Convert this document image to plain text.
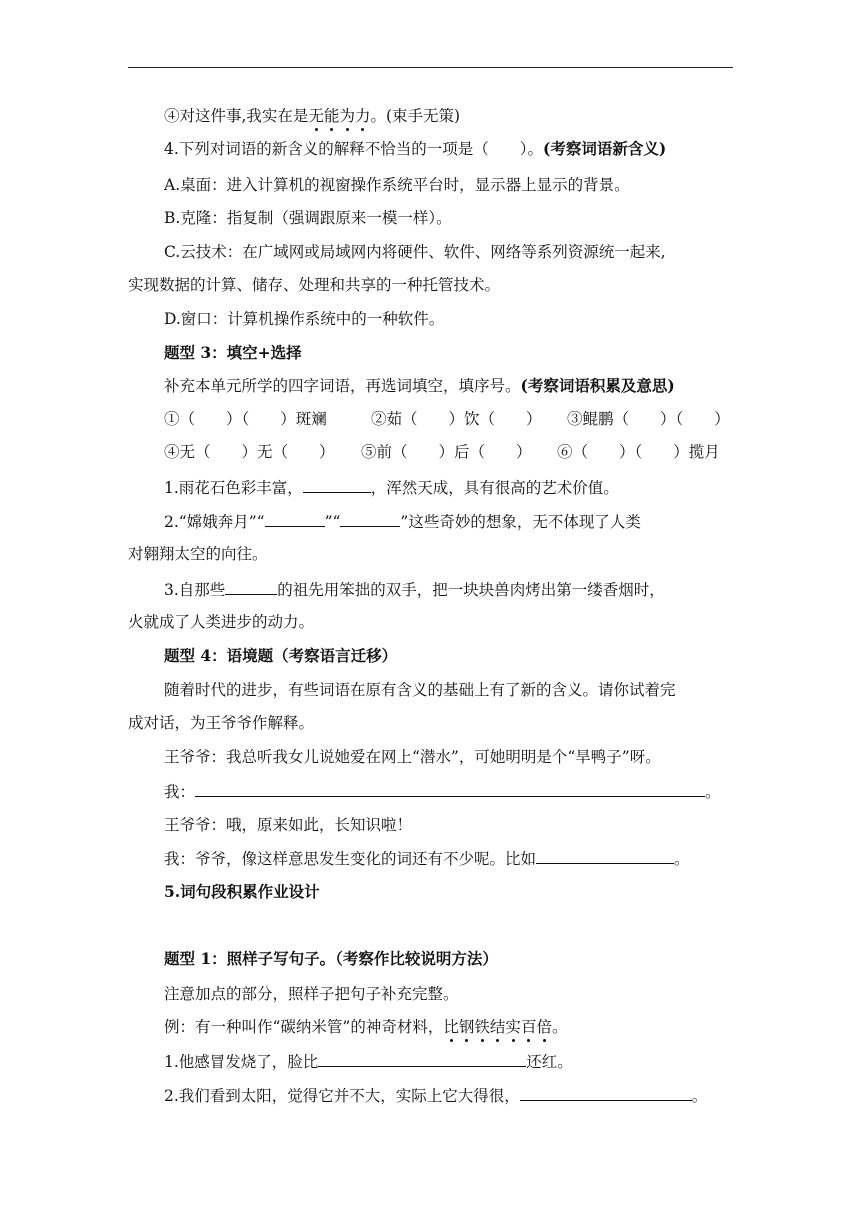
④对这件事,我实在是无能为力。(束手无策)
4.下列对词语的新含义的解释不恰当的一项是（　　）。(考察词语新含义)
A.桌面：进入计算机的视窗操作系统平台时，显示器上显示的背景。
B.克隆：指复制（强调跟原来一模一样）。
C.云技术：在广域网或局域网内将硬件、软件、网络等系列资源统一起来,
实现数据的计算、储存、处理和共享的一种托管技术。
D.窗口：计算机操作系统中的一种软件。
题型 3：填空+选择
补充本单元所学的四字词语，再选词填空，填序号。(考察词语积累及意思)
①（　　）（　　）斑斓	②茹（　　）饮（　　） ③鲲鹏（　　）（　　）
④无（　　）无（　　） ⑤前（　　）后（　　） ⑥（　　）（　　）揽月
1.雨花石色彩丰富，	，浑然天成，具有很高的艺术价值。
2.“嫦娥奔月”“	”“	”这些奇妙的想象，无不体现了人类
对翱翔太空的向往。
3.自那些	的祖先用笨拙的双手，把一块块兽肉烤出第一缕香烟时，
火就成了人类进步的动力。
题型 4：语境题（考察语言迁移）
随着时代的进步，有些词语在原有含义的基础上有了新的含义。请你试着完
成对话，为王爷爷作解释。
王爷爷：我总听我女儿说她爱在网上“潜水”，可她明明是个“旱鸭子”呀。
我：	。
王爷爷：哦，原来如此，长知识啦！
我：爷爷，像这样意思发生变化的词还有不少呢。比如	。
5.词句段积累作业设计
题型 1：照样子写句子。（考察作比较说明方法）
注意加点的部分，照样子把句子补充完整。
例：有一种叫作“碳纳米管”的神奇材料，比钢铁结实百倍。
1.他感冒发烧了，脸比	还红。
2.我们看到太阳，觉得它并不大，实际上它大得很，	。
